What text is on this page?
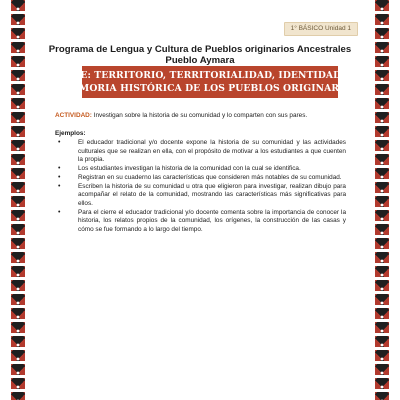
1° BÁSICO Unidad 1
Programa de Lengua y Cultura de Pueblos originarios Ancestrales
Pueblo Aymara
EJE: TERRITORIO, TERRITORIALIDAD, IDENTIDAD Y
MEMORIA HISTÓRICA DE LOS PUEBLOS ORIGINARIOS
ACTIVIDAD: Investigan sobre la historia de su comunidad y lo comparten con sus pares.
Ejemplos:
•	El educador tradicional y/o docente expone la historia de su comunidad y las actividades culturales que se realizan en ella, con el propósito de motivar a los estudiantes a que cuenten la propia.
•	Los estudiantes investigan la historia de la comunidad con la cual se identifica.
•	Registran en su cuaderno las características que consideren más notables de su comunidad.
•	Escriben la historia de su comunidad u otra que eligieron para investigar, realizan dibujo para acompañar el relato de la comunidad, mostrando las características más significativas para ellos.
•	Para el cierre el educador tradicional y/o docente comenta sobre la importancia de conocer la historia, los relatos propios de la comunidad, los orígenes, la construcción de las casas y cómo se fue formando a lo largo del tiempo.
